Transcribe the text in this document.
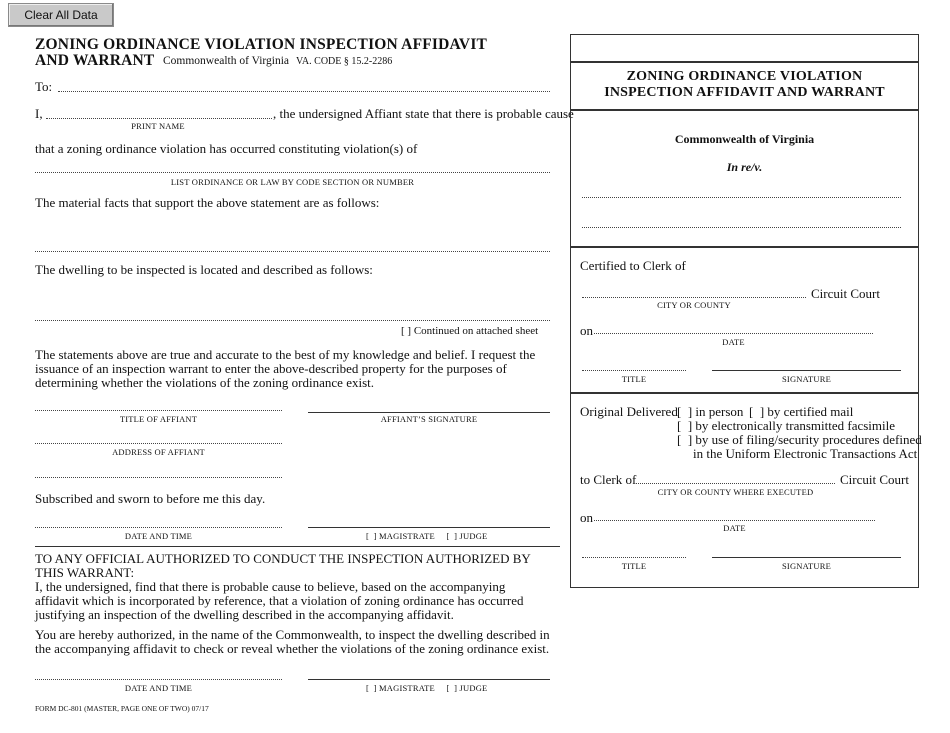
Clear All Data
ZONING ORDINANCE VIOLATION INSPECTION AFFIDAVIT
AND WARRANT Commonwealth of Virginia VA. CODE § 15.2-2286
To:
I,	, the undersigned Affiant state that there is probable cause
PRINT NAME
that a zoning ordinance violation has occurred constituting violation(s) of
LIST ORDINANCE OR LAW BY CODE SECTION OR NUMBER
The material facts that support the above statement are as follows:
The dwelling to be inspected is located and described as follows:
[ ] Continued on attached sheet
The statements above are true and accurate to the best of my knowledge and belief. I request the issuance of an inspection warrant to enter the above-described property for the purposes of determining whether the violations of the zoning ordinance exist.
TITLE OF AFFIANT	AFFIANT’S SIGNATURE
ADDRESS OF AFFIANT
Subscribed and sworn to before me this day.
DATE AND TIME	[  ] MAGISTRATE     [  ] JUDGE
TO ANY OFFICIAL AUTHORIZED TO CONDUCT THE INSPECTION AUTHORIZED BY THIS WARRANT:
I, the undersigned, find that there is probable cause to believe, based on the accompanying affidavit which is incorporated by reference, that a violation of zoning ordinance has occurred justifying an inspection of the dwelling described in the accompanying affidavit.
You are hereby authorized, in the name of the Commonwealth, to inspect the dwelling described in the accompanying affidavit to check or reveal whether the violations of the zoning ordinance exist.
DATE AND TIME	[  ] MAGISTRATE     [  ] JUDGE
FORM DC-801 (MASTER, PAGE ONE OF TWO) 07/17
ZONING ORDINANCE VIOLATION
INSPECTION AFFIDAVIT AND WARRANT
Commonwealth of Virginia
In re/v.
Certified to Clerk of
Circuit Court
CITY OR COUNTY
on
DATE
TITLE	SIGNATURE
Original Delivered [  ] in person [  ] by certified mail
[  ] by electronically transmitted facsimile
[  ] by use of filing/security procedures defined
in the Uniform Electronic Transactions Act
to Clerk of	Circuit Court
CITY OR COUNTY WHERE EXECUTED
on
DATE
TITLE	SIGNATURE
